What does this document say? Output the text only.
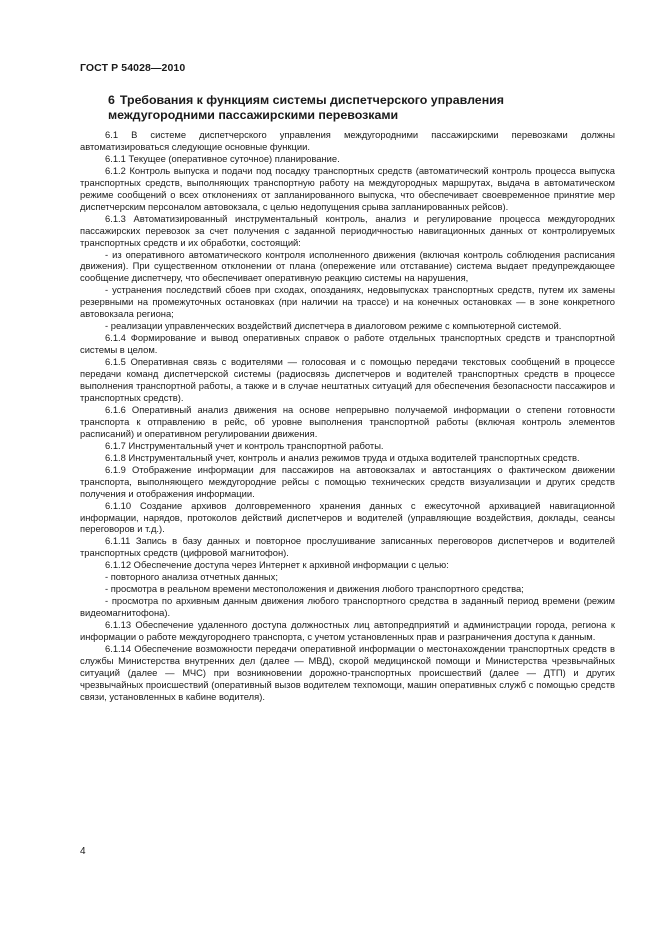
ГОСТ Р 54028—2010
6 Требования к функциям системы диспетчерского управления междугородними пассажирскими перевозками

6.1 В системе диспетчерского управления междугородними пассажирскими перевозками должны автоматизироваться следующие основные функции.

6.1.1 Текущее (оперативное суточное) планирование.

6.1.2 Контроль выпуска и подачи под посадку транспортных средств (автоматический контроль процесса выпуска транспортных средств, выполняющих транспортную работу на междугородных маршрутах, выдача в автоматическом режиме сообщений о всех отклонениях от запланированного выпуска, что обеспечивает своевременное принятие мер диспетчерским персоналом автовокзала, с целью недопущения срыва запланированных рейсов).

6.1.3 Автоматизированный инструментальный контроль, анализ и регулирование процесса междугородних пассажирских перевозок за счет получения с заданной периодичностью навигационных данных от контролируемых транспортных средств и их обработки, состоящий:

- из оперативного автоматического контроля исполненного движения (включая контроль соблюдения расписания движения). При существенном отклонении от плана (опережение или отставание) система выдает предупреждающее сообщение диспетчеру, что обеспечивает оперативную реакцию системы на нарушения,

- устранения последствий сбоев при сходах, опозданиях, недовыпусках транспортных средств, путем их замены резервными на промежуточных остановках (при наличии на трассе) и на конечных остановках — в зоне конкретного автовокзала региона;

- реализации управленческих воздействий диспетчера в диалоговом режиме с компьютерной системой.

6.1.4 Формирование и вывод оперативных справок о работе отдельных транспортных средств и транспортной системы в целом.

6.1.5 Оперативная связь с водителями — голосовая и с помощью передачи текстовых сообщений в процессе передачи команд диспетчерской системы (радиосвязь диспетчеров и водителей транспортных средств в процессе выполнения транспортной работы, а также и в случае нештатных ситуаций для обеспечения безопасности пассажиров и транспортных средств).

6.1.6 Оперативный анализ движения на основе непрерывно получаемой информации о степени готовности транспорта к отправлению в рейс, об уровне выполнения транспортной работы (включая контроль элементов расписаний) и оперативном регулировании движения.

6.1.7 Инструментальный учет и контроль транспортной работы.

6.1.8 Инструментальный учет, контроль и анализ режимов труда и отдыха водителей транспортных средств.

6.1.9 Отображение информации для пассажиров на автовокзалах и автостанциях о фактическом движении транспорта, выполняющего междугородние рейсы с помощью технических средств визуализации и других средств получения и отображения информации.

6.1.10 Создание архивов долговременного хранения данных с ежесуточной архивацией навигационной информации, нарядов, протоколов действий диспетчеров и водителей (управляющие воздействия, доклады, сеансы переговоров и т.д.).

6.1.11 Запись в базу данных и повторное прослушивание записанных переговоров диспетчеров и водителей транспортных средств (цифровой магнитофон).

6.1.12 Обеспечение доступа через Интернет к архивной информации с целью:

- повторного анализа отчетных данных;

- просмотра в реальном времени местоположения и движения любого транспортного средства;

- просмотра по архивным данным движения любого транспортного средства в заданный период времени (режим видеомагнитофона).

6.1.13 Обеспечение удаленного доступа должностных лиц автопредприятий и администрации города, региона к информации о работе междугороднего транспорта, с учетом установленных прав и разграничения доступа к данным.

6.1.14 Обеспечение возможности передачи оперативной информации о местонахождении транспортных средств в службы Министерства внутренних дел (далее — МВД), скорой медицинской помощи и Министерства чрезвычайных ситуаций (далее — МЧС) при возникновении дорожно-транспортных происшествий (далее — ДТП) и других чрезвычайных происшествий (оперативный вызов водителем техпомощи, машин оперативных служб с помощью средств связи, установленных в кабине водителя).

4
